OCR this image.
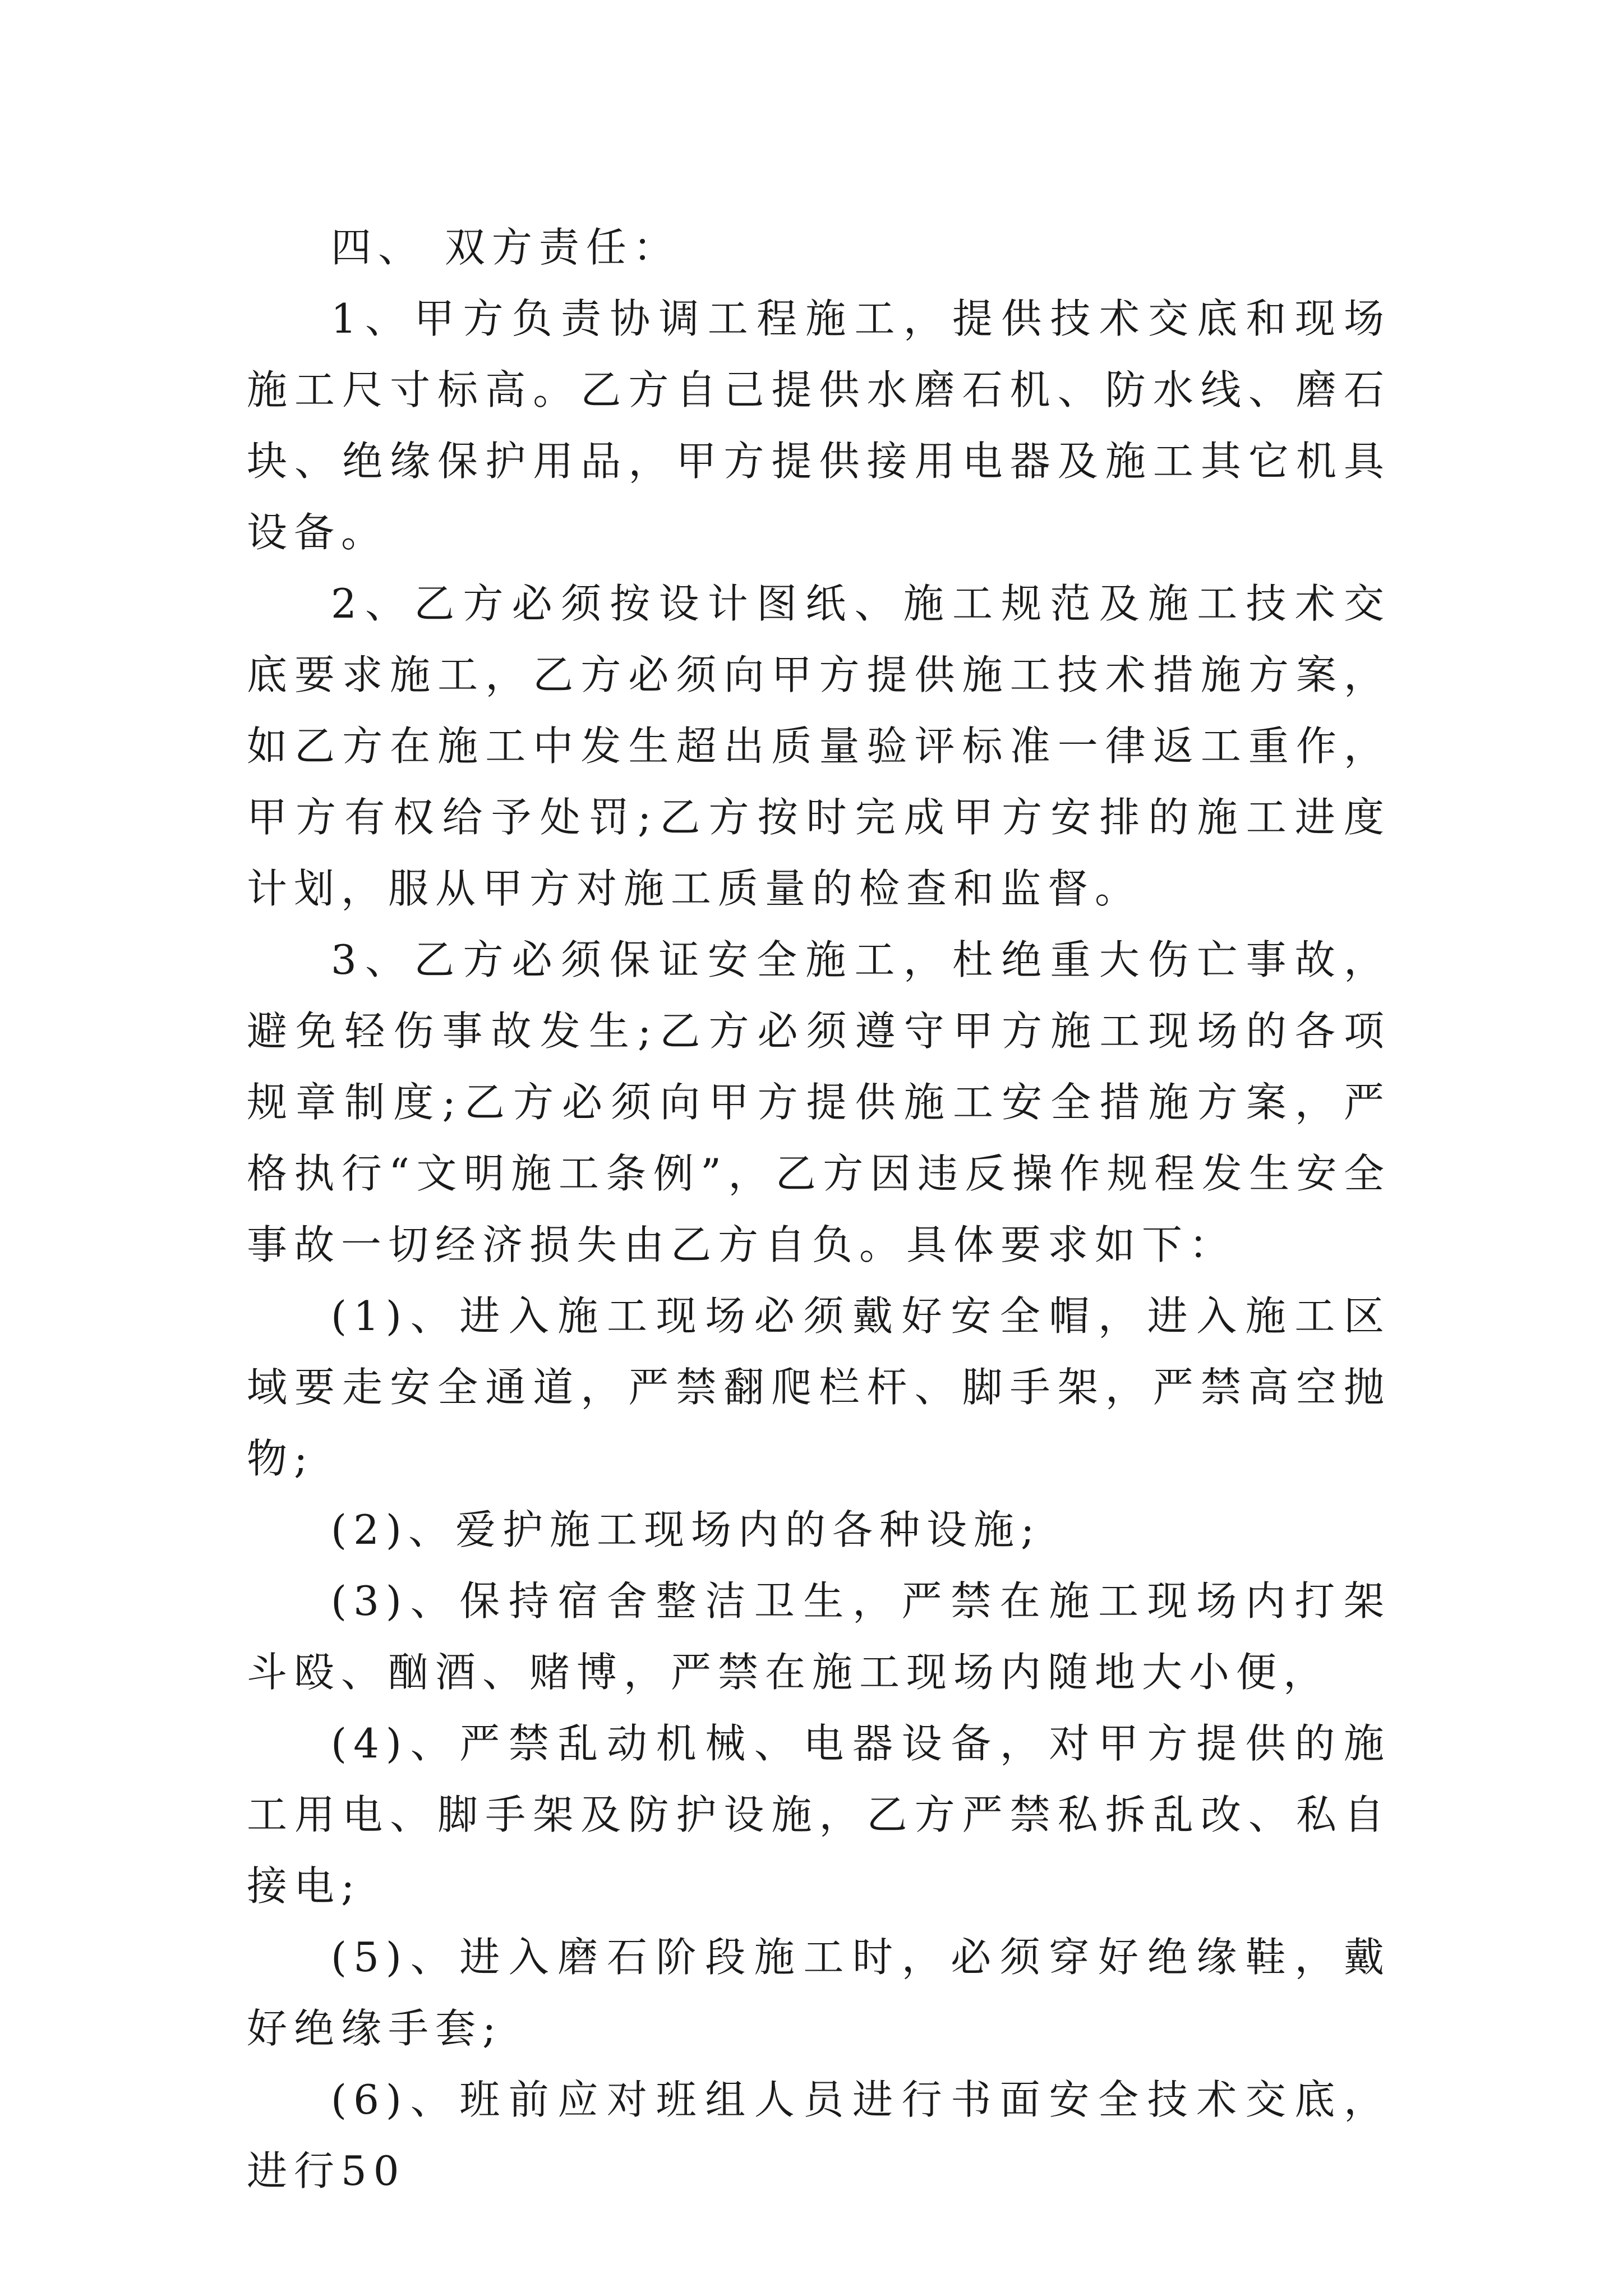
四、 双方责任：

1、甲方负责协调工程施工，提供技术交底和现场施工尺寸标高。乙方自己提供水磨石机、防水线、磨石块、绝缘保护用品，甲方提供接用电器及施工其它机具设备。

2、乙方必须按设计图纸、施工规范及施工技术交底要求施工，乙方必须向甲方提供施工技术措施方案，如乙方在施工中发生超出质量验评标准一律返工重作，甲方有权给予处罚;乙方按时完成甲方安排的施工进度计划，服从甲方对施工质量的检查和监督。

3、乙方必须保证安全施工，杜绝重大伤亡事故，避免轻伤事故发生;乙方必须遵守甲方施工现场的各项规章制度;乙方必须向甲方提供施工安全措施方案，严格执行“文明施工条例”，乙方因违反操作规程发生安全事故一切经济损失由乙方自负。具体要求如下：

(1)、进入施工现场必须戴好安全帽，进入施工区域要走安全通道，严禁翻爬栏杆、脚手架，严禁高空抛物;

(2)、爱护施工现场内的各种设施;

(3)、保持宿舍整洁卫生，严禁在施工现场内打架斗殴、酗酒、赌博，严禁在施工现场内随地大小便，

(4)、严禁乱动机械、电器设备，对甲方提供的施工用电、脚手架及防护设施，乙方严禁私拆乱改、私自接电;

(5)、进入磨石阶段施工时，必须穿好绝缘鞋，戴好绝缘手套;

(6)、班前应对班组人员进行书面安全技术交底，进行50
